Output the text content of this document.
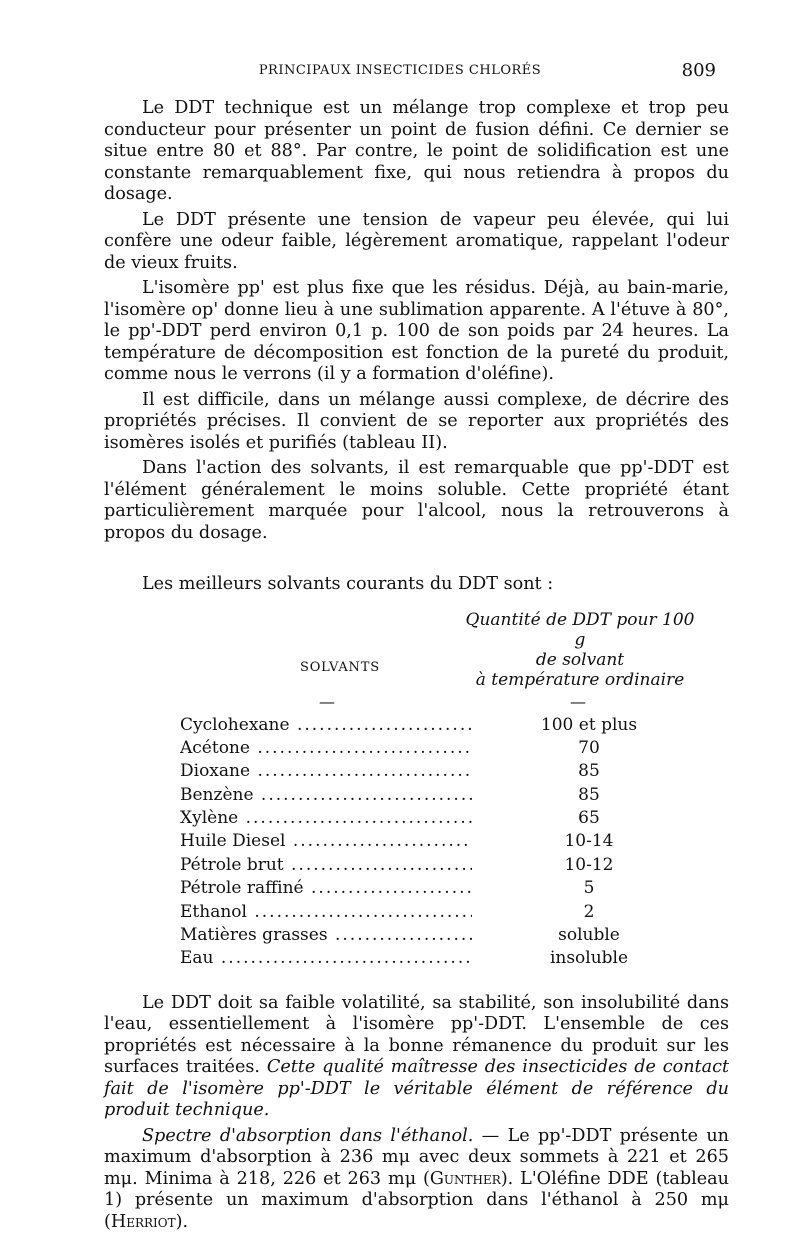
PRINCIPAUX INSECTICIDES CHLORÉS	809

Le DDT technique est un mélange trop complexe et trop peu conducteur pour présenter un point de fusion défini. Ce dernier se situe entre 80 et 88°. Par contre, le point de solidification est une constante remarquablement fixe, qui nous retiendra à propos du dosage.

Le DDT présente une tension de vapeur peu élevée, qui lui confère une odeur faible, légèrement aromatique, rappelant l'odeur de vieux fruits.

L'isomère pp' est plus fixe que les résidus. Déjà, au bain-marie, l'isomère op' donne lieu à une sublimation apparente. A l'étuve à 80°, le pp'-DDT perd environ 0,1 p. 100 de son poids par 24 heures. La température de décomposition est fonction de la pureté du produit, comme nous le verrons (il y a formation d'oléfine).

Il est difficile, dans un mélange aussi complexe, de décrire des propriétés précises. Il convient de se reporter aux propriétés des isomères isolés et purifiés (tableau II).

Dans l'action des solvants, il est remarquable que pp'-DDT est l'élément généralement le moins soluble. Cette propriété étant particulièrement marquée pour l'alcool, nous la retrouverons à propos du dosage.

Les meilleurs solvants courants du DDT sont :

Quantité de DDT pour 100 g
de solvant
à température ordinaire
SOLVANTS
—	—
Cyclohexane .....	100 et plus
Acétone .....	70
Dioxane .....	85
Benzène .....	85
Xylène .....	65
Huile Diesel .....	10-14
Pétrole brut .....	10-12
Pétrole raffiné .....	5
Ethanol .....	2
Matières grasses .....	soluble
Eau .....	insoluble

Le DDT doit sa faible volatilité, sa stabilité, son insolubilité dans l'eau, essentiellement à l'isomère pp'-DDT. L'ensemble de ces propriétés est nécessaire à la bonne rémanence du produit sur les surfaces traitées. Cette qualité maîtresse des insecticides de contact fait de l'isomère pp'-DDT le véritable élément de référence du produit technique.

Spectre d'absorption dans l'éthanol. — Le pp'-DDT présente un maximum d'absorption à 236 mμ avec deux sommets à 221 et 265 mμ. Minima à 218, 226 et 263 mμ (Gunther). L'Oléfine DDE (tableau 1) présente un maximum d'absorption dans l'éthanol à 250 mμ (Herriot).
